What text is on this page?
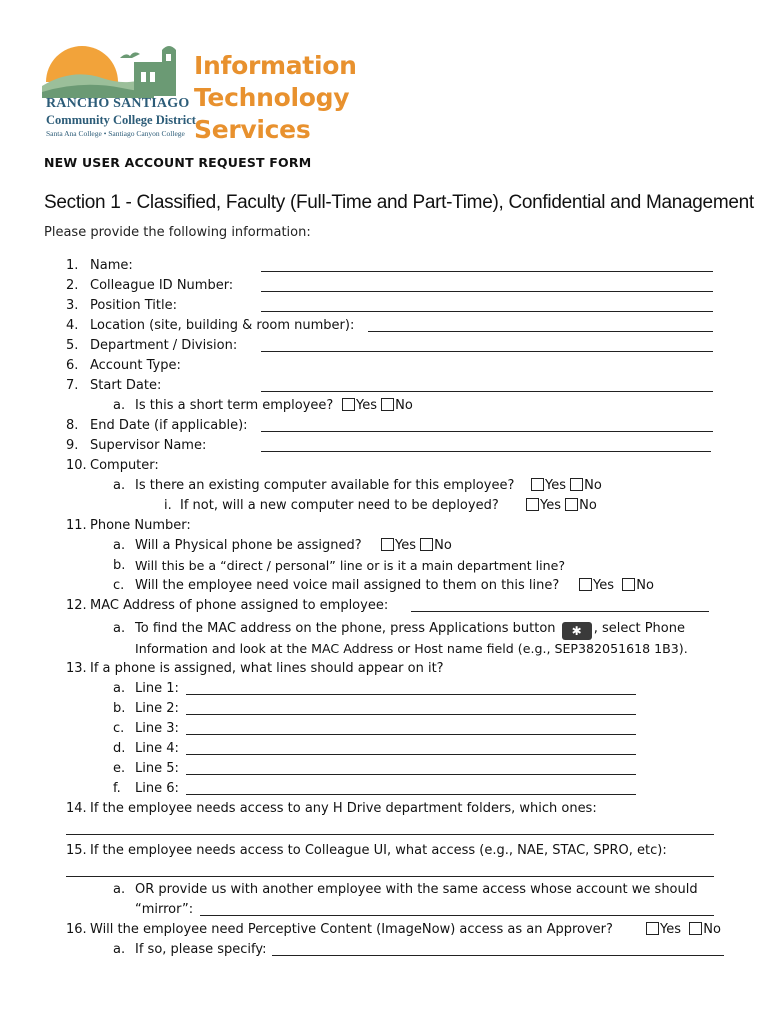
RANCHO SANTIAGO
Community College District
Santa Ana College • Santiago Canyon College
Information
Technology
Services
NEW USER ACCOUNT REQUEST FORM
Section 1 - Classified, Faculty (Full-Time and Part-Time), Confidential and Management
Please provide the following information:
1. Name:
2. Colleague ID Number:
3. Position Title:
4. Location (site, building & room number):
5. Department / Division:
6. Account Type:
7. Start Date:
a. Is this a short term employee?	Yes No
8. End Date (if applicable):
9. Supervisor Name:
10. Computer:
a. Is there an existing computer available for this employee?	Yes No
i. If not, will a new computer need to be deployed?	Yes No
11. Phone Number:
a. Will a Physical phone be assigned?	Yes No
b. Will this be a “direct / personal” line or is it a main department line?
c. Will the employee need voice mail assigned to them on this line?	Yes No
12. MAC Address of phone assigned to employee:
a. To find the MAC address on the phone, press Applications button ✱ , select Phone
Information and look at the MAC Address or Host name field (e.g., SEP382051618 1B3).
13. If a phone is assigned, what lines should appear on it?
a. Line 1:
b. Line 2:
c. Line 3:
d. Line 4:
e. Line 5:
f. Line 6:
14. If the employee needs access to any H Drive department folders, which ones:
15. If the employee needs access to Colleague UI, what access (e.g., NAE, STAC, SPRO, etc):
a. OR provide us with another employee with the same access whose account we should
“mirror”:
16. Will the employee need Perceptive Content (ImageNow) access as an Approver?	Yes No
a. If so, please specify:
